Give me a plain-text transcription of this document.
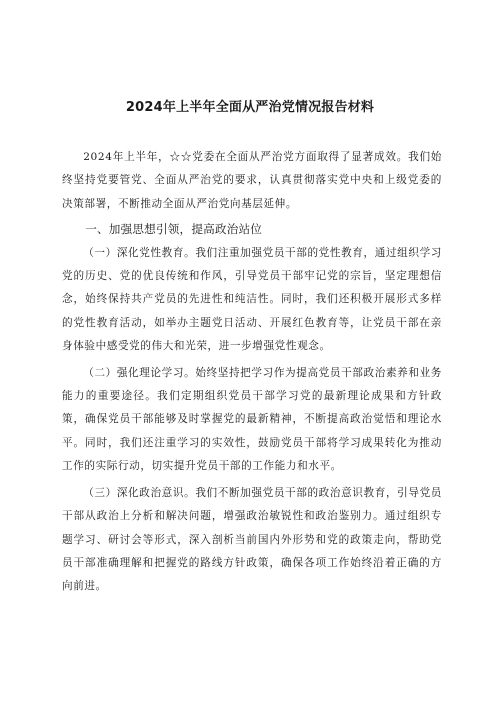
2024年上半年全面从严治党情况报告材料

2024年上半年，☆☆党委在全面从严治党方面取得了显著成效。我们始终坚持党要管党、全面从严治党的要求，认真贯彻落实党中央和上级党委的决策部署，不断推动全面从严治党向基层延伸。

一、加强思想引领，提高政治站位

（一）深化党性教育。我们注重加强党员干部的党性教育，通过组织学习党的历史、党的优良传统和作风，引导党员干部牢记党的宗旨，坚定理想信念，始终保持共产党员的先进性和纯洁性。同时，我们还积极开展形式多样的党性教育活动，如举办主题党日活动、开展红色教育等，让党员干部在亲身体验中感受党的伟大和光荣，进一步增强党性观念。

（二）强化理论学习。始终坚持把学习作为提高党员干部政治素养和业务能力的重要途径。我们定期组织党员干部学习党的最新理论成果和方针政策，确保党员干部能够及时掌握党的最新精神，不断提高政治觉悟和理论水平。同时，我们还注重学习的实效性，鼓励党员干部将学习成果转化为推动工作的实际行动，切实提升党员干部的工作能力和水平。

（三）深化政治意识。我们不断加强党员干部的政治意识教育，引导党员干部从政治上分析和解决问题，增强政治敏锐性和政治鉴别力。通过组织专题学习、研讨会等形式，深入剖析当前国内外形势和党的政策走向，帮助党员干部准确理解和把握党的路线方针政策，确保各项工作始终沿着正确的方向前进。
